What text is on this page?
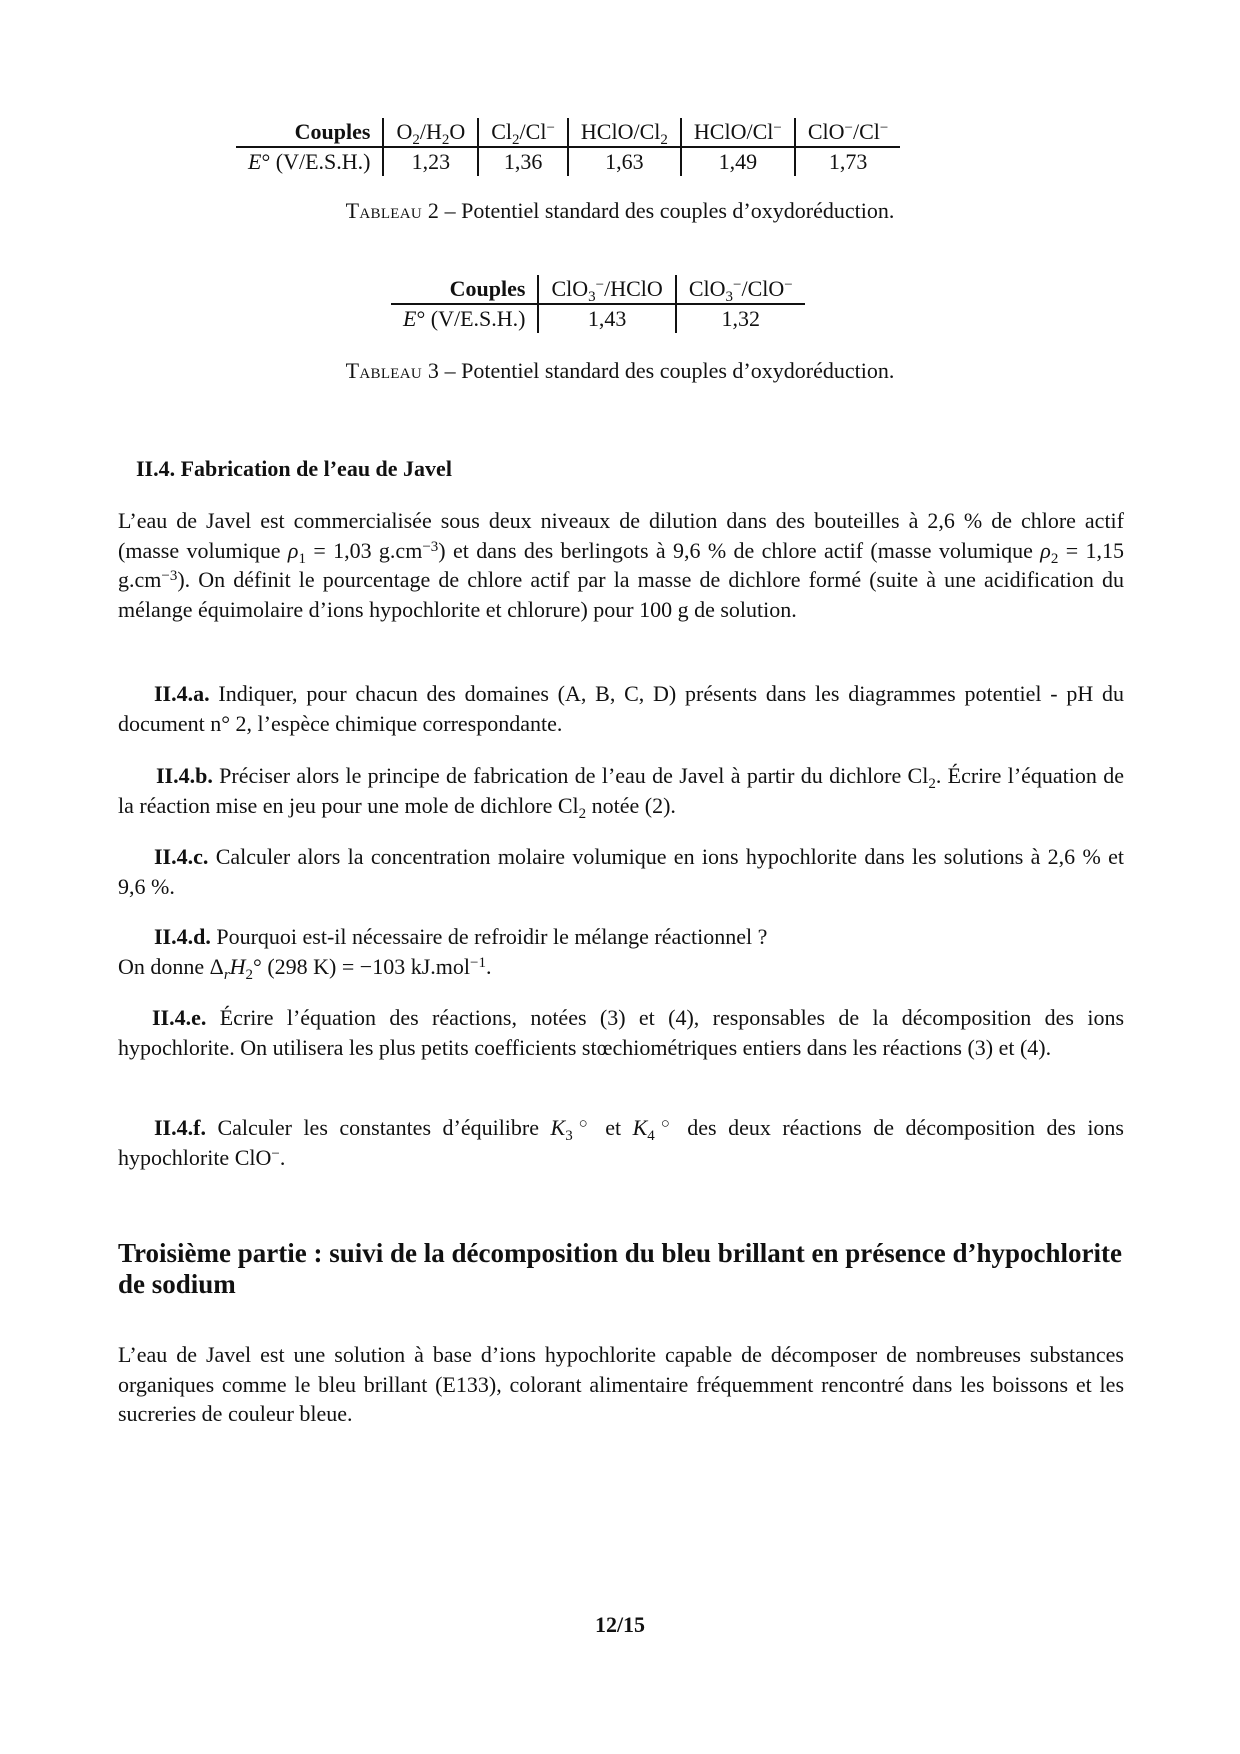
Couples	$O_2/H_2O$	$Cl_2/Cl^-$	HClO/$Cl_2$	HClO/Cl−	ClO−/Cl−
E° (V/E.S.H.)	1,23	1,36	1,63	1,49	1,73
Tableau 2 – Potentiel standard des couples d’oxydoréduction.
Couples	ClO$_3$−/HClO	ClO$_3$−/ClO−
E° (V/E.S.H.)	1,43	1,32
Tableau 3 – Potentiel standard des couples d’oxydoréduction.
II.4. Fabrication de l’eau de Javel
L’eau de Javel est commercialisée sous deux niveaux de dilution dans des bouteilles à 2,6 % de chlore actif (masse volumique $\rho_1 = 1,03$ $g.cm^{-3}$) et dans des berlingots à 9,6 % de chlore actif (masse volumique $\rho_2 = 1,15$ $g.cm^{-3}$). On définit le pourcentage de chlore actif par la masse de dichlore formé (suite à une acidification du mélange équimolaire d’ions hypochlorite et chlorure) pour 100 g de solution.
II.4.a. Indiquer, pour chacun des domaines (A, B, C, D) présents dans les diagrammes potentiel - pH du document n° 2, l’espèce chimique correspondante.
II.4.b. Préciser alors le principe de fabrication de l’eau de Javel à partir du dichlore $Cl_2$. Écrire l’équation de la réaction mise en jeu pour une mole de dichlore $Cl_2$ notée (2).
II.4.c. Calculer alors la concentration molaire volumique en ions hypochlorite dans les solutions à 2,6 % et 9,6 %.
II.4.d. Pourquoi est-il nécessaire de refroidir le mélange réactionnel ?
On donne $\Delta_rH_2^\circ$ (298 K) = −103 kJ.mol$^{-1}$.
II.4.e. Écrire l’équation des réactions, notées (3) et (4), responsables de la décomposition des ions hypochlorite. On utilisera les plus petits coefficients stœchiométriques entiers dans les réactions (3) et (4).
II.4.f. Calculer les constantes d’équilibre $K_3^○$ et $K_4^○$ des deux réactions de décomposition des ions hypochlorite ClO−.
Troisième partie : suivi de la décomposition du bleu brillant en présence d’hypochlorite de sodium
L’eau de Javel est une solution à base d’ions hypochlorite capable de décomposer de nombreuses substances organiques comme le bleu brillant (E133), colorant alimentaire fréquemment rencontré dans les boissons et les sucreries de couleur bleue.
12/15
